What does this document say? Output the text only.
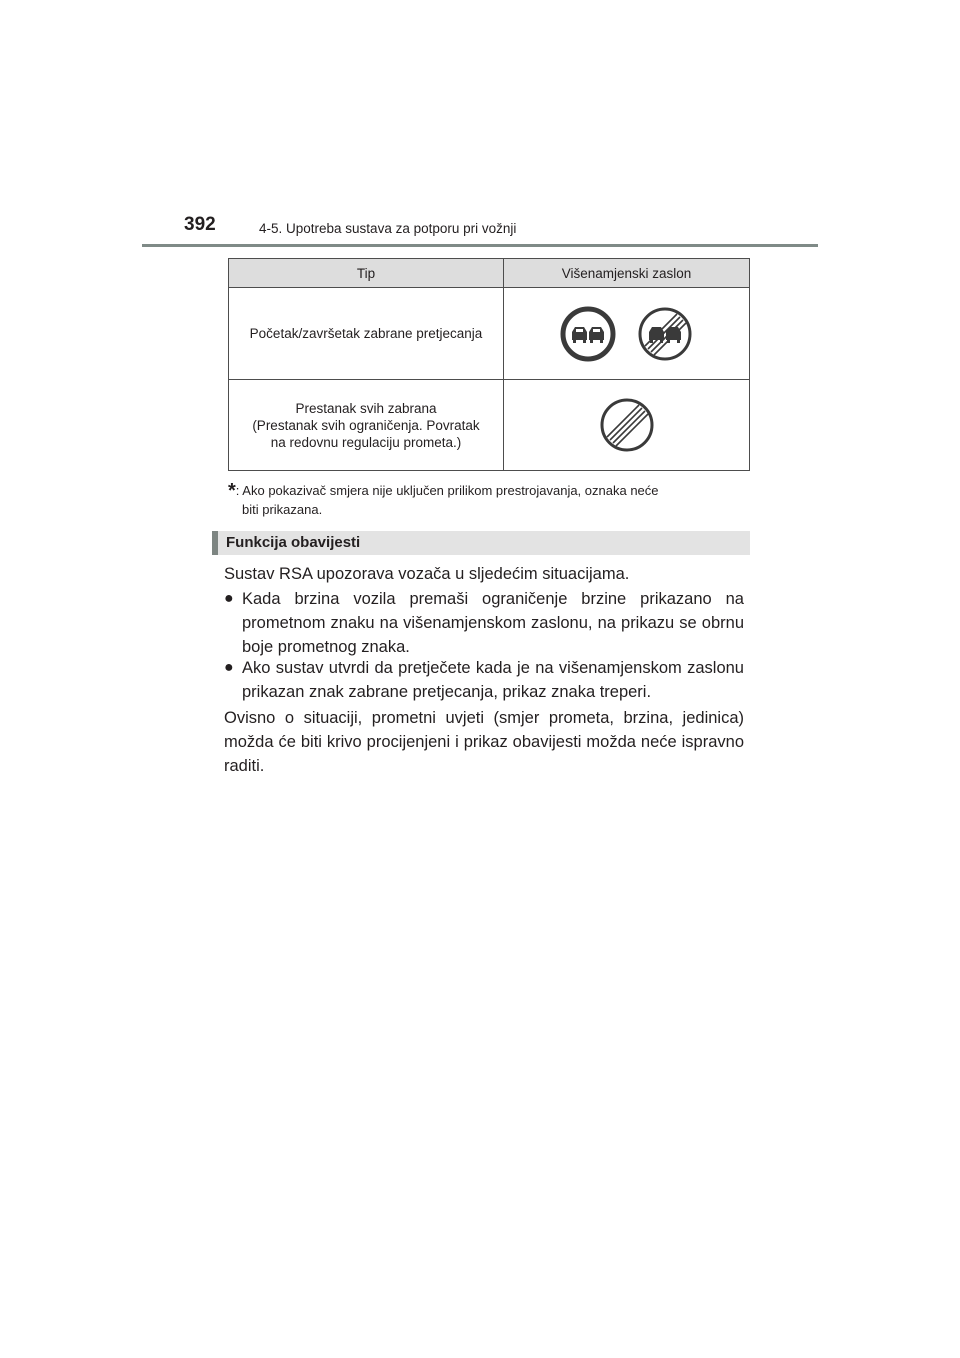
392	4-5. Upotreba sustava za potporu pri vožnji
Tip	Višenamjenski zaslon
Početak/završetak zabrane pretjecanja	
Prestanak svih zabrana
(Prestanak svih ograničenja. Povratak
na redovnu regulaciju prometa.)	
*: Ako pokazivač smjera nije uključen prilikom prestrojavanja, oznaka neće
biti prikazana.
Funkcija obavijesti
Sustav RSA upozorava vozača u sljedećim situacijama.
● Kada brzina vozila premaši ograničenje brzine prikazano na prometnom znaku na višenamjenskom zaslonu, na prikazu se obrnu boje prometnog znaka.
● Ako sustav utvrdi da pretječete kada je na višenamjenskom zaslonu prikazan znak zabrane pretjecanja, prikaz znaka treperi.
Ovisno o situaciji, prometni uvjeti (smjer prometa, brzina, jedinica) možda će biti krivo procijenjeni i prikaz obavijesti možda neće ispravno raditi.
